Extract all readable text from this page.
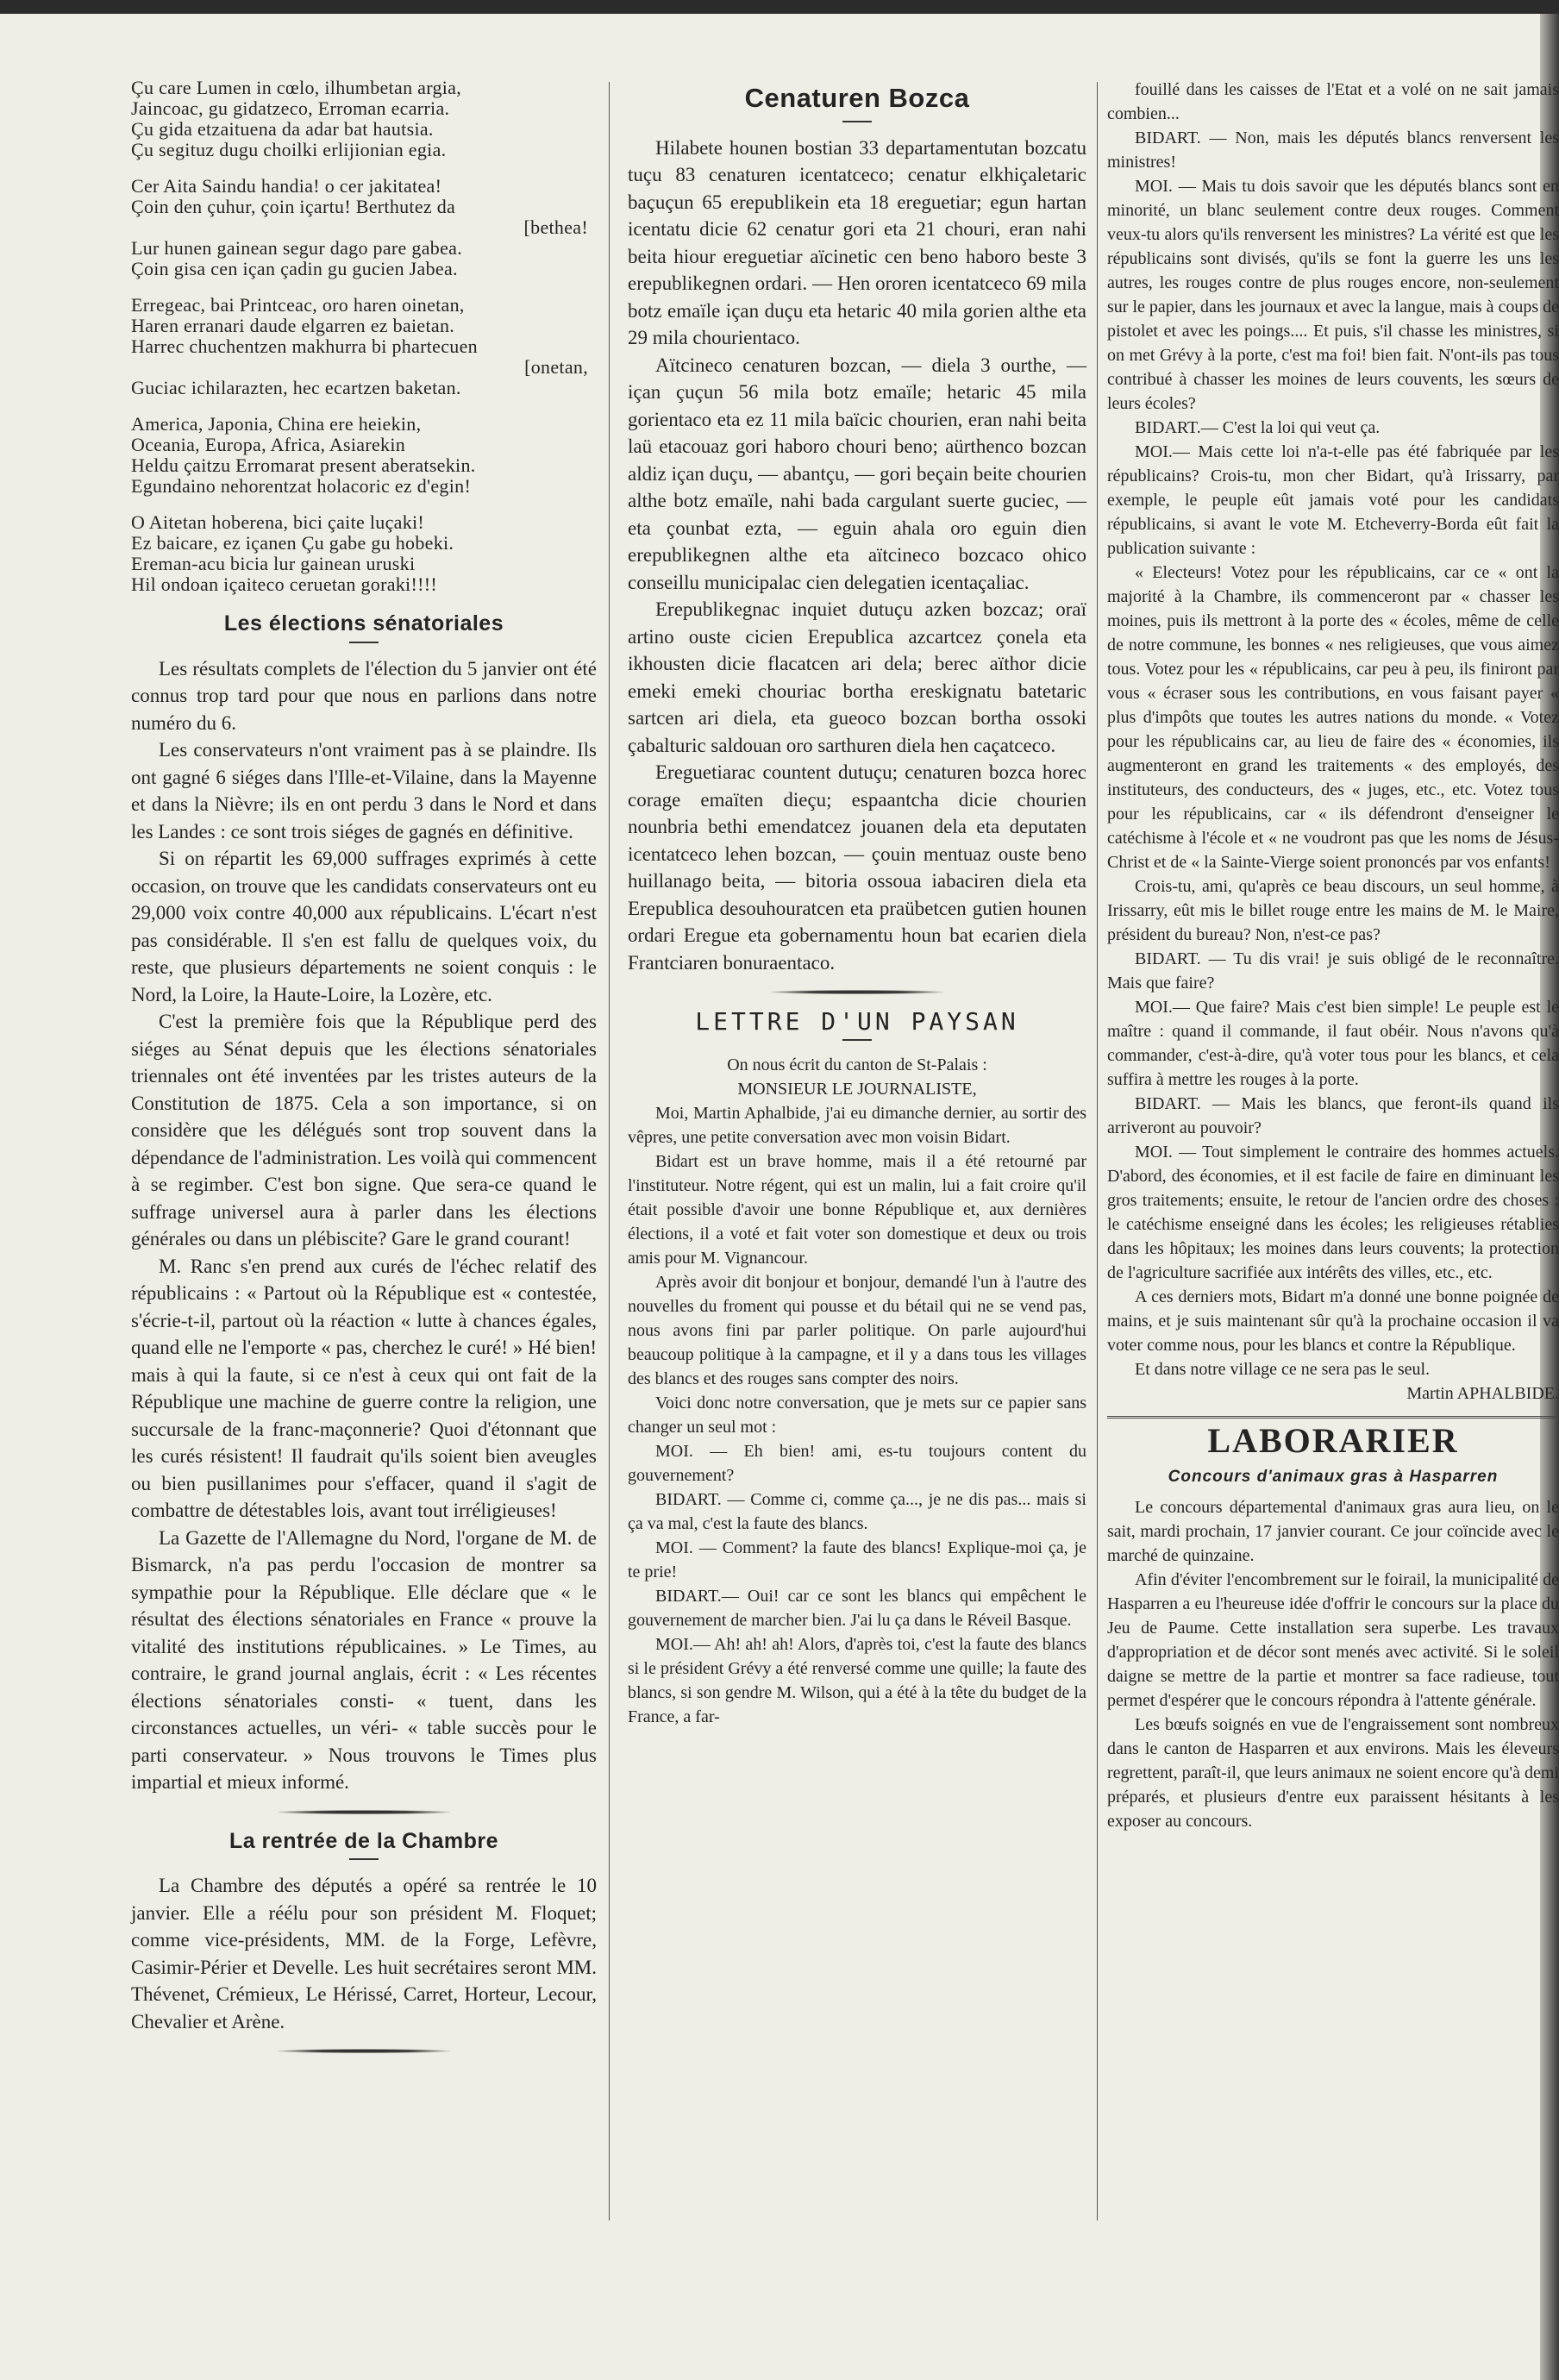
Çu care Lumen in cœlo, ilhumbetan argia,
Jaincoac, gu gidatzeco, Erroman ecarria.
Çu gida etzaituena da adar bat hautsia.
Çu segituz dugu choilki erlijionian egia.
Cer Aita Saindu handia! o cer jakitatea!
Çoin den çuhur, çoin içartu! Berthutez da
[bethea!
Lur hunen gainean segur dago pare gabea.
Çoin gisa cen içan çadin gu gucien Jabea.
Erregeac, bai Printceac, oro haren oinetan,
Haren erranari daude elgarren ez baietan.
Harrec chuchentzen makhurra bi phartecuen
[onetan,
Guciac ichilarazten, hec ecartzen baketan.
America, Japonia, China ere heiekin,
Oceania, Europa, Africa, Asiarekin
Heldu çaitzu Erromarat present aberatsekin.
Egundaino nehorentzat holacoric ez d'egin!
O Aitetan hoberena, bici çaite luçaki!
Ez baicare, ez içanen Çu gabe gu hobeki.
Ereman-acu bicia lur gainean uruski
Hil ondoan içaiteco ceruetan goraki!!!!
Les élections sénatoriales

Les résultats complets de l'élection du 5 janvier ont été connus trop tard pour que nous en parlions dans notre numéro du 6.

Les conservateurs n'ont vraiment pas à se plaindre. Ils ont gagné 6 siéges dans l'Ille-et-Vilaine, dans la Mayenne et dans la Nièvre; ils en ont perdu 3 dans le Nord et dans les Landes : ce sont trois siéges de gagnés en définitive.

Si on répartit les 69,000 suffrages exprimés à cette occasion, on trouve que les candidats conservateurs ont eu 29,000 voix contre 40,000 aux républicains. L'écart n'est pas considérable. Il s'en est fallu de quelques voix, du reste, que plusieurs départements ne soient conquis : le Nord, la Loire, la Haute-Loire, la Lozère, etc.

C'est la première fois que la République perd des siéges au Sénat depuis que les élections sénatoriales triennales ont été inventées par les tristes auteurs de la Constitution de 1875. Cela a son importance, si on considère que les délégués sont trop souvent dans la dépendance de l'administration. Les voilà qui commencent à se regimber. C'est bon signe. Que sera-ce quand le suffrage universel aura à parler dans les élections générales ou dans un plébiscite? Gare le grand courant!

M. Ranc s'en prend aux curés de l'échec relatif des républicains : « Partout où la République est « contestée, s'écrie-t-il, partout où la réaction « lutte à chances égales, quand elle ne l'emporte « pas, cherchez le curé! » Hé bien! mais à qui la faute, si ce n'est à ceux qui ont fait de la République une machine de guerre contre la religion, une succursale de la franc-maçonnerie? Quoi d'étonnant que les curés résistent! Il faudrait qu'ils soient bien aveugles ou bien pusillanimes pour s'effacer, quand il s'agit de combattre de détestables lois, avant tout irréligieuses!

La Gazette de l'Allemagne du Nord, l'organe de M. de Bismarck, n'a pas perdu l'occasion de montrer sa sympathie pour la République. Elle déclare que « le résultat des élections sénatoriales en France « prouve la vitalité des institutions républicaines. » Le Times, au contraire, le grand journal anglais, écrit : « Les récentes élections sénatoriales consti- « tuent, dans les circonstances actuelles, un véri- « table succès pour le parti conservateur. » Nous trouvons le Times plus impartial et mieux informé.

La rentrée de la Chambre

La Chambre des députés a opéré sa rentrée le 10 janvier. Elle a réélu pour son président M. Floquet; comme vice-présidents, MM. de la Forge, Lefèvre, Casimir-Périer et Develle. Les huit secrétaires seront MM. Thévenet, Crémieux, Le Hérissé, Carret, Horteur, Lecour, Chevalier et Arène.

Cenaturen Bozca

Hilabete hounen bostian 33 departamentutan bozcatu tuçu 83 cenaturen icentatceco; cenatur elkhiçaletaric baçuçun 65 erepublikein eta 18 ereguetiar; egun hartan icentatu dicie 62 cenatur gori eta 21 chouri, eran nahi beita hiour ereguetiar aïcinetic cen beno haboro beste 3 erepublikegnen ordari. — Hen ororen icentatceco 69 mila botz emaïle içan duçu eta hetaric 40 mila gorien althe eta 29 mila chourientaco.

Aïtcineco cenaturen bozcan, — diela 3 ourthe, — içan çuçun 56 mila botz emaïle; hetaric 45 mila gorientaco eta ez 11 mila baïcic chourien, eran nahi beita laü etacouaz gori haboro chouri beno; aürthenco bozcan aldiz içan duçu, — abantçu, — gori beçain beite chourien althe botz emaïle, nahi bada cargulant suerte guciec, — eta çounbat ezta, — eguin ahala oro eguin dien erepublikegnen althe eta aïtcineco bozcaco ohico conseillu municipalac cien delegatien icentaçaliac.

Erepublikegnac inquiet dutuçu azken bozcaz; oraï artino ouste cicien Erepublica azcartcez çonela eta ikhousten dicie flacatcen ari dela; berec aïthor dicie emeki emeki chouriac bortha ereskignatu batetaric sartcen ari diela, eta gueoco bozcan bortha ossoki çabalturic saldouan oro sarthuren diela hen caçatceco.

Ereguetiarac countent dutuçu; cenaturen bozca horec corage emaïten dieçu; espaantcha dicie chourien nounbria bethi emendatcez jouanen dela eta deputaten icentatceco lehen bozcan, — çouin mentuaz ouste beno huillanago beita, — bitoria ossoua iabaciren diela eta Erepublica desouhouratcen eta praübetcen gutien hounen ordari Eregue eta gobernamentu houn bat ecarien diela Frantciaren bonuraentaco.

LETTRE D'UN PAYSAN

On nous écrit du canton de St-Palais :

MONSIEUR LE JOURNALISTE,

Moi, Martin Aphalbide, j'ai eu dimanche dernier, au sortir des vêpres, une petite conversation avec mon voisin Bidart.

Bidart est un brave homme, mais il a été retourné par l'instituteur. Notre régent, qui est un malin, lui a fait croire qu'il était possible d'avoir une bonne République et, aux dernières élections, il a voté et fait voter son domestique et deux ou trois amis pour M. Vignancour.

Après avoir dit bonjour et bonjour, demandé l'un à l'autre des nouvelles du froment qui pousse et du bétail qui ne se vend pas, nous avons fini par parler politique. On parle aujourd'hui beaucoup politique à la campagne, et il y a dans tous les villages des blancs et des rouges sans compter des noirs.

Voici donc notre conversation, que je mets sur ce papier sans changer un seul mot :

MOI. — Eh bien! ami, es-tu toujours content du gouvernement?

BIDART. — Comme ci, comme ça..., je ne dis pas... mais si ça va mal, c'est la faute des blancs.

MOI. — Comment? la faute des blancs! Explique-moi ça, je te prie!

BIDART.— Oui! car ce sont les blancs qui empêchent le gouvernement de marcher bien. J'ai lu ça dans le Réveil Basque.

MOI.— Ah! ah! ah! Alors, d'après toi, c'est la faute des blancs si le président Grévy a été renversé comme une quille; la faute des blancs, si son gendre M. Wilson, qui a été à la tête du budget de la France, a far-

fouillé dans les caisses de l'Etat et a volé on ne sait jamais combien...

BIDART. — Non, mais les députés blancs renversent les ministres!

MOI. — Mais tu dois savoir que les députés blancs sont en minorité, un blanc seulement contre deux rouges. Comment veux-tu alors qu'ils renversent les ministres? La vérité est que les républicains sont divisés, qu'ils se font la guerre les uns les autres, les rouges contre de plus rouges encore, non-seulement sur le papier, dans les journaux et avec la langue, mais à coups de pistolet et avec les poings.... Et puis, s'il chasse les ministres, si on met Grévy à la porte, c'est ma foi! bien fait. N'ont-ils pas tous contribué à chasser les moines de leurs couvents, les sœurs de leurs écoles?

BIDART.— C'est la loi qui veut ça.

MOI.— Mais cette loi n'a-t-elle pas été fabriquée par les républicains? Crois-tu, mon cher Bidart, qu'à Irissarry, par exemple, le peuple eût jamais voté pour les candidats républicains, si avant le vote M. Etcheverry-Borda eût fait la publication suivante :

« Electeurs! Votez pour les républicains, car ce « ont la majorité à la Chambre, ils commenceront par « chasser les moines, puis ils mettront à la porte des « écoles, même de celle de notre commune, les bonnes « nes religieuses, que vous aimez tous. Votez pour les « républicains, car peu à peu, ils finiront par vous « écraser sous les contributions, en vous faisant payer « plus d'impôts que toutes les autres nations du monde. « Votez pour les républicains car, au lieu de faire des « économies, ils augmenteront en grand les traitements « des employés, des instituteurs, des conducteurs, des « juges, etc., etc. Votez tous pour les républicains, car « ils défendront d'enseigner le catéchisme à l'école et « ne voudront pas que les noms de Jésus-Christ et de « la Sainte-Vierge soient prononcés par vos enfants!

Crois-tu, ami, qu'après ce beau discours, un seul homme, à Irissarry, eût mis le billet rouge entre les mains de M. le Maire, président du bureau? Non, n'est-ce pas?

BIDART. — Tu dis vrai! je suis obligé de le reconnaître. Mais que faire?

MOI.— Que faire? Mais c'est bien simple! Le peuple est le maître : quand il commande, il faut obéir. Nous n'avons qu'à commander, c'est-à-dire, qu'à voter tous pour les blancs, et cela suffira à mettre les rouges à la porte.

BIDART. — Mais les blancs, que feront-ils quand ils arriveront au pouvoir?

MOI. — Tout simplement le contraire des hommes actuels. D'abord, des économies, et il est facile de faire en diminuant les gros traitements; ensuite, le retour de l'ancien ordre des choses : le catéchisme enseigné dans les écoles; les religieuses rétablies dans les hôpitaux; les moines dans leurs couvents; la protection de l'agriculture sacrifiée aux intérêts des villes, etc., etc.

A ces derniers mots, Bidart m'a donné une bonne poignée de mains, et je suis maintenant sûr qu'à la prochaine occasion il va voter comme nous, pour les blancs et contre la République.

Et dans notre village ce ne sera pas le seul.

Martin APHALBIDE.

LABORARIER
Concours d'animaux gras à Hasparren

Le concours départemental d'animaux gras aura lieu, on le sait, mardi prochain, 17 janvier courant. Ce jour coïncide avec le marché de quinzaine.

Afin d'éviter l'encombrement sur le foirail, la municipalité de Hasparren a eu l'heureuse idée d'offrir le concours sur la place du Jeu de Paume. Cette installation sera superbe. Les travaux d'appropriation et de décor sont menés avec activité. Si le soleil daigne se mettre de la partie et montrer sa face radieuse, tout permet d'espérer que le concours répondra à l'attente générale.

Les bœufs soignés en vue de l'engraissement sont nombreux dans le canton de Hasparren et aux environs. Mais les éleveurs regrettent, paraît-il, que leurs animaux ne soient encore qu'à demi préparés, et plusieurs d'entre eux paraissent hésitants à les exposer au concours.
